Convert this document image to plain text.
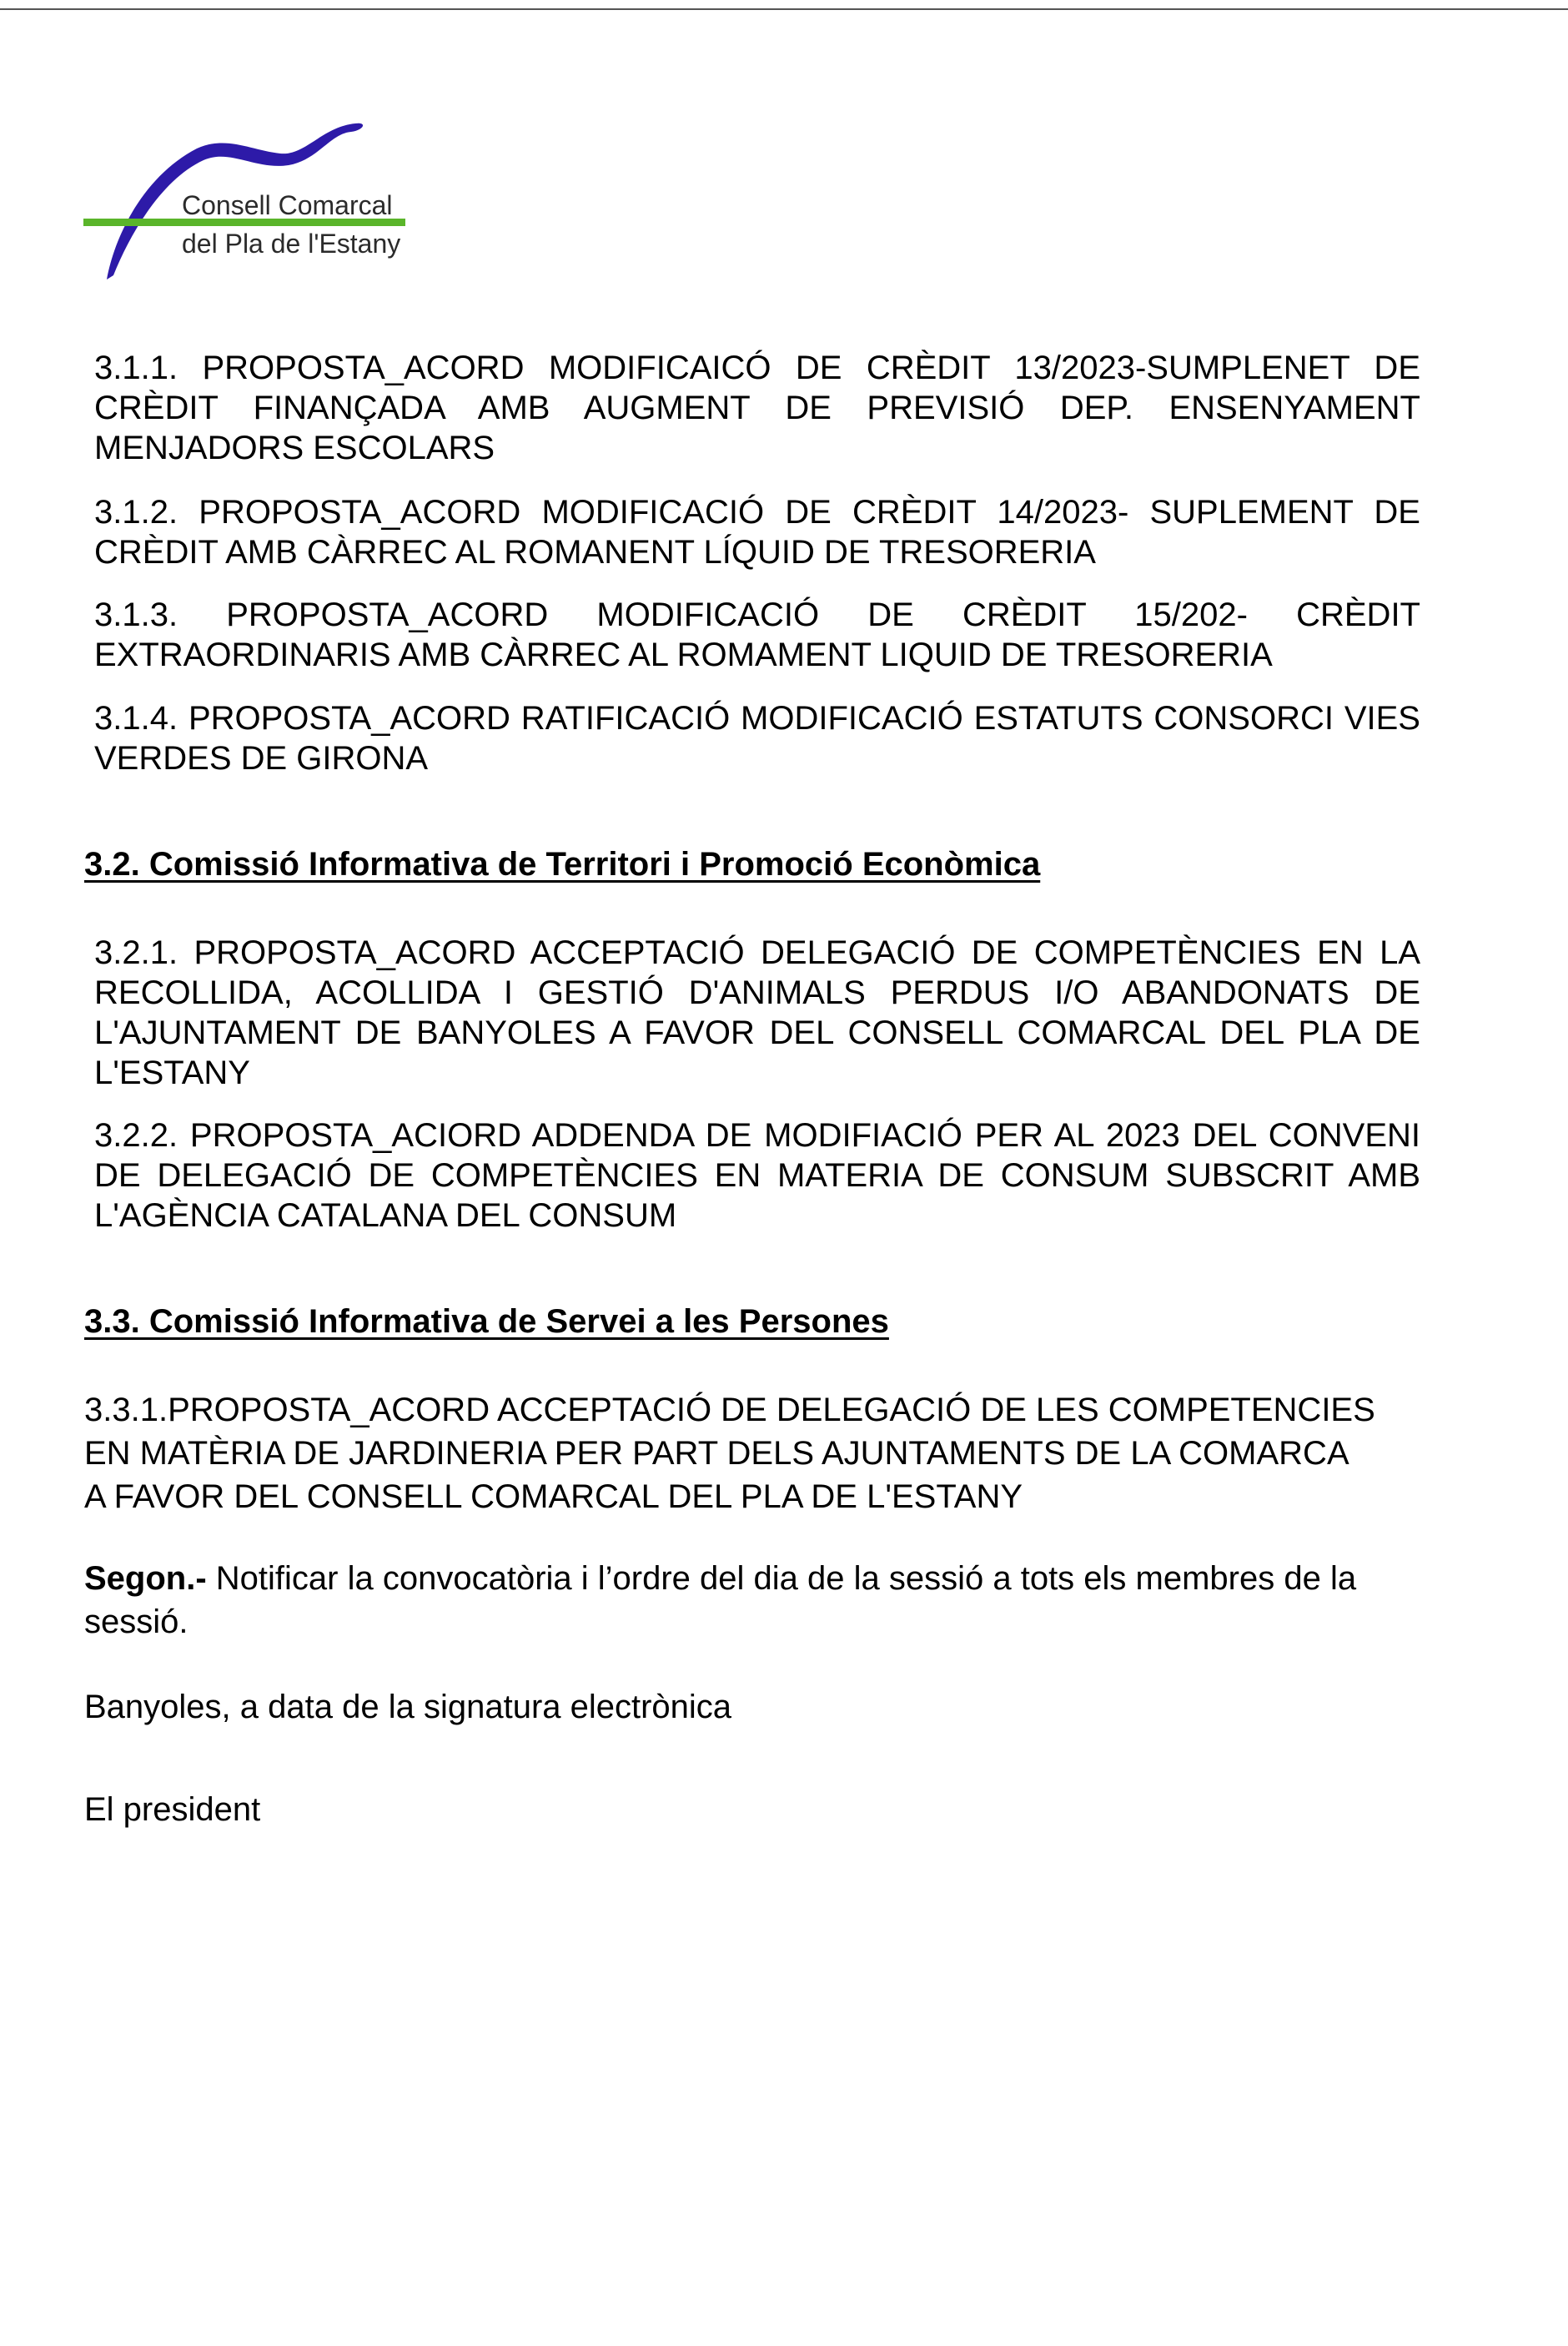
Consell Comarcal
del Pla de l'Estany
3.1.1. PROPOSTA_ACORD MODIFICAICÓ DE CRÈDIT 13/2023-SUMPLENET DE CRÈDIT FINANÇADA AMB AUGMENT DE PREVISIÓ DEP. ENSENYAMENT MENJADORS ESCOLARS
3.1.2. PROPOSTA_ACORD MODIFICACIÓ DE CRÈDIT 14/2023- SUPLEMENT DE CRÈDIT AMB CÀRREC AL ROMANENT LÍQUID DE TRESORERIA
3.1.3. PROPOSTA_ACORD MODIFICACIÓ DE CRÈDIT 15/202- CRÈDIT EXTRAORDINARIS AMB CÀRREC AL ROMAMENT LIQUID DE TRESORERIA
3.1.4. PROPOSTA_ACORD RATIFICACIÓ MODIFICACIÓ ESTATUTS CONSORCI VIES VERDES DE GIRONA
3.2. Comissió Informativa de Territori i Promoció Econòmica
3.2.1. PROPOSTA_ACORD ACCEPTACIÓ DELEGACIÓ DE COMPETÈNCIES EN LA RECOLLIDA, ACOLLIDA I GESTIÓ D'ANIMALS PERDUS I/O ABANDONATS DE L'AJUNTAMENT DE BANYOLES A FAVOR DEL CONSELL COMARCAL DEL PLA DE L'ESTANY
3.2.2. PROPOSTA_ACIORD ADDENDA DE MODIFIACIÓ PER AL 2023 DEL CONVENI DE DELEGACIÓ DE COMPETÈNCIES EN MATERIA DE CONSUM SUBSCRIT AMB L'AGÈNCIA CATALANA DEL CONSUM
3.3. Comissió Informativa de Servei a les Persones
3.3.1.PROPOSTA_ACORD ACCEPTACIÓ DE DELEGACIÓ DE LES COMPETENCIES
EN MATÈRIA DE JARDINERIA PER PART DELS AJUNTAMENTS DE LA COMARCA
A FAVOR DEL CONSELL COMARCAL DEL PLA DE L'ESTANY
Segon.- Notificar la convocatòria i l’ordre del dia de la sessió a tots els membres de la sessió.
Banyoles, a data de la signatura electrònica
El president
